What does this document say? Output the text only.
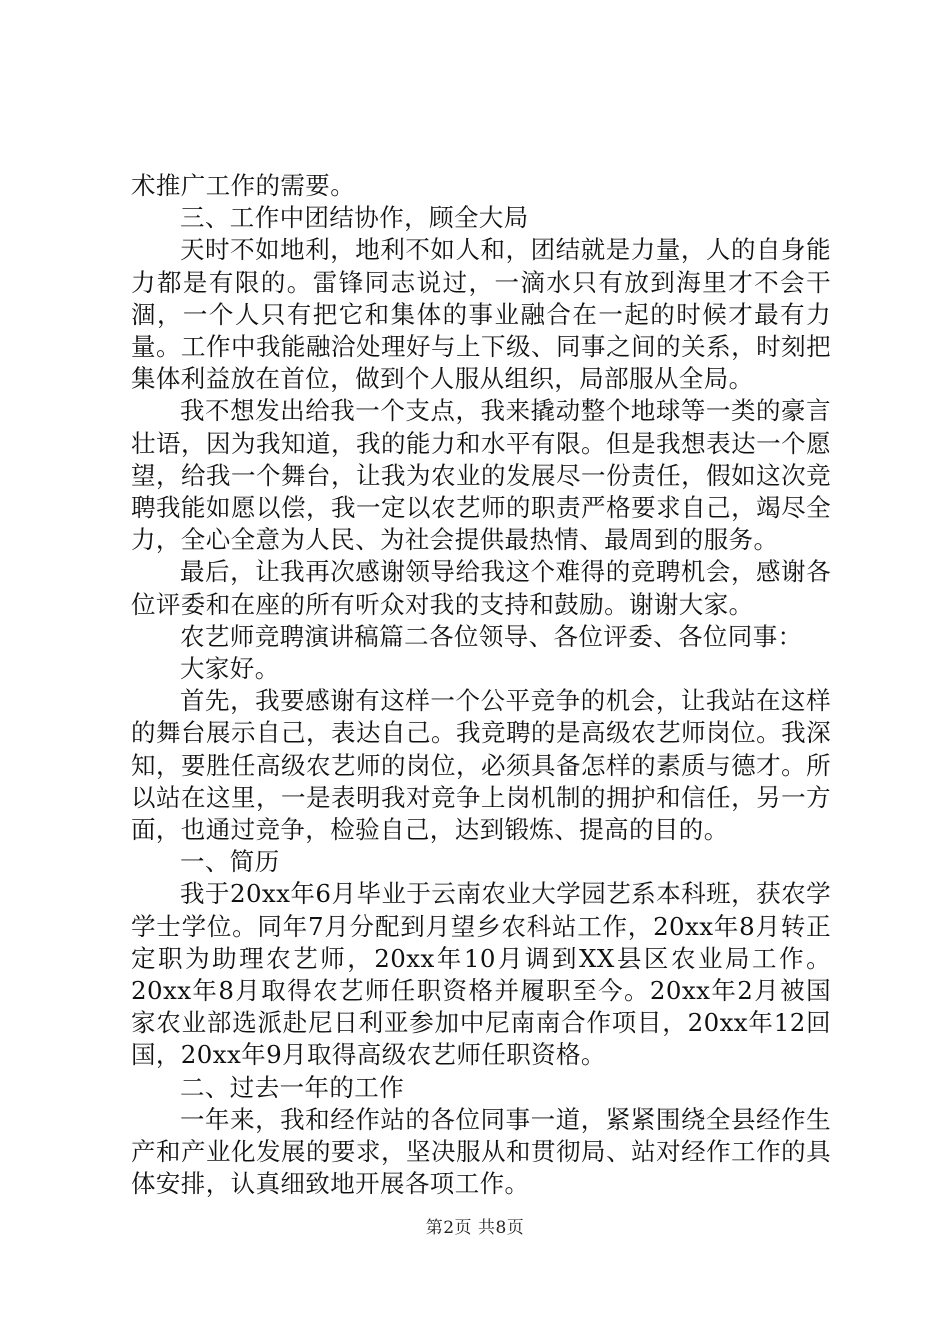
术推广工作的需要。

三、工作中团结协作，顾全大局

天时不如地利，地利不如人和，团结就是力量，人的自身能力都是有限的。雷锋同志说过，一滴水只有放到海里才不会干涸，一个人只有把它和集体的事业融合在一起的时候才最有力量。工作中我能融洽处理好与上下级、同事之间的关系，时刻把集体利益放在首位，做到个人服从组织，局部服从全局。

我不想发出给我一个支点，我来撬动整个地球等一类的豪言壮语，因为我知道，我的能力和水平有限。但是我想表达一个愿望，给我一个舞台，让我为农业的发展尽一份责任，假如这次竞聘我能如愿以偿，我一定以农艺师的职责严格要求自己，竭尽全力，全心全意为人民、为社会提供最热情、最周到的服务。

最后，让我再次感谢领导给我这个难得的竞聘机会，感谢各位评委和在座的所有听众对我的支持和鼓励。谢谢大家。

农艺师竞聘演讲稿篇二各位领导、各位评委、各位同事：

大家好。

首先，我要感谢有这样一个公平竞争的机会，让我站在这样的舞台展示自己，表达自己。我竞聘的是高级农艺师岗位。我深知，要胜任高级农艺师的岗位，必须具备怎样的素质与德才。所以站在这里，一是表明我对竞争上岗机制的拥护和信任，另一方面，也通过竞争，检验自己，达到锻炼、提高的目的。

一、简历

我于20xx年6月毕业于云南农业大学园艺系本科班，获农学学士学位。同年7月分配到月望乡农科站工作，20xx年8月转正定职为助理农艺师，20xx年10月调到XX县区农业局工作。20xx年8月取得农艺师任职资格并履职至今。20xx年2月被国家农业部选派赴尼日利亚参加中尼南南合作项目，20xx年12回国，20xx年9月取得高级农艺师任职资格。

二、过去一年的工作

一年来，我和经作站的各位同事一道，紧紧围绕全县经作生产和产业化发展的要求，坚决服从和贯彻局、站对经作工作的具体安排，认真细致地开展各项工作。

第2页 共8页
